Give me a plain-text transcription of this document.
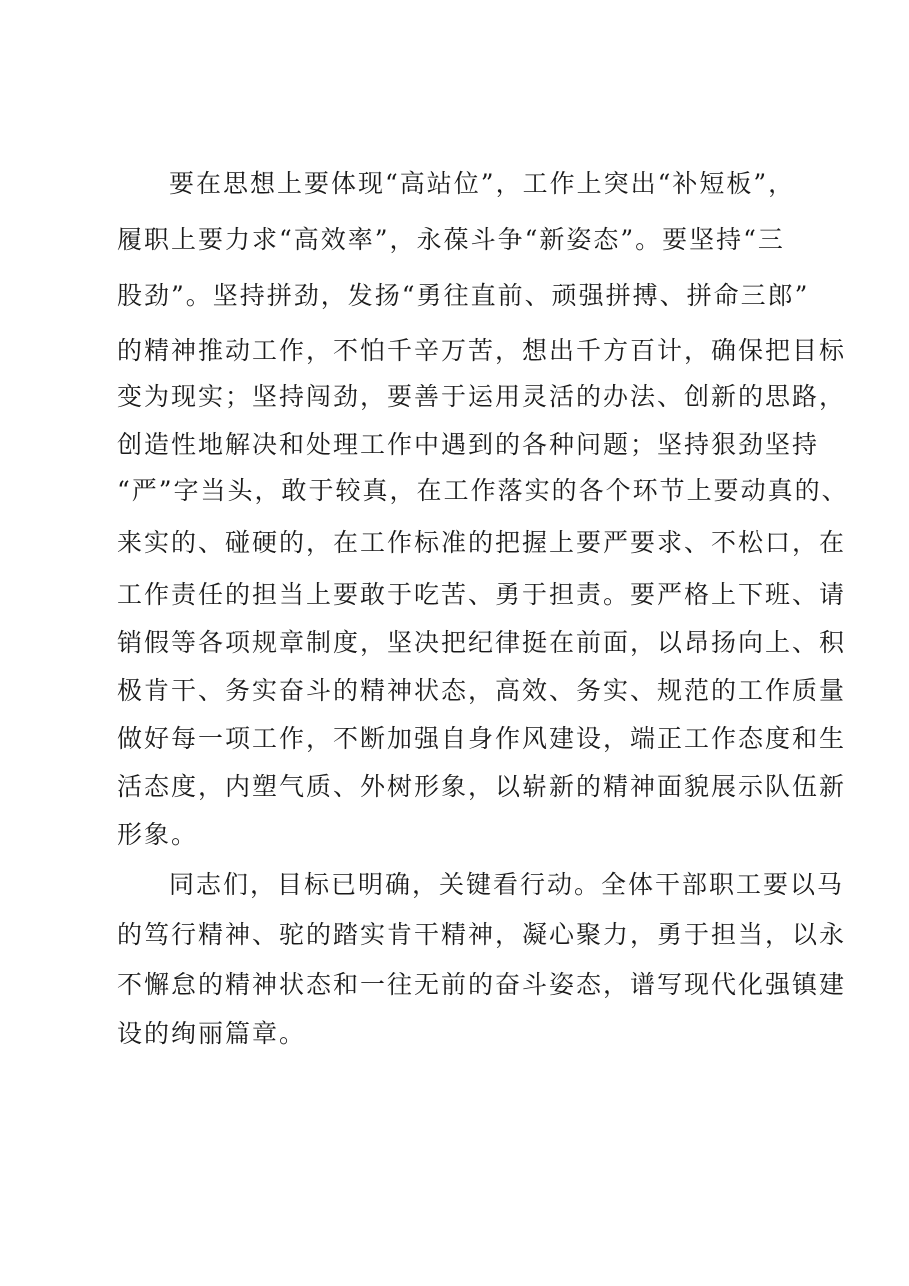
要在思想上要体现“高站位”，工作上突出“补短板”，
履职上要力求“高效率”，永葆斗争“新姿态”。要坚持“三
股劲”。坚持拼劲，发扬“勇往直前、顽强拼搏、拼命三郎”
的精神推动工作，不怕千辛万苦，想出千方百计，确保把目标
变为现实；坚持闯劲，要善于运用灵活的办法、创新的思路，
创造性地解决和处理工作中遇到的各种问题；坚持狠劲坚持
“严”字当头，敢于较真，在工作落实的各个环节上要动真的、
来实的、碰硬的，在工作标准的把握上要严要求、不松口，在
工作责任的担当上要敢于吃苦、勇于担责。要严格上下班、请
销假等各项规章制度，坚决把纪律挺在前面，以昂扬向上、积
极肯干、务实奋斗的精神状态，高效、务实、规范的工作质量
做好每一项工作，不断加强自身作风建设，端正工作态度和生
活态度，内塑气质、外树形象，以崭新的精神面貌展示队伍新
形象。
同志们，目标已明确，关键看行动。全体干部职工要以马
的笃行精神、驼的踏实肯干精神，凝心聚力，勇于担当，以永
不懈怠的精神状态和一往无前的奋斗姿态，谱写现代化强镇建
设的绚丽篇章。
